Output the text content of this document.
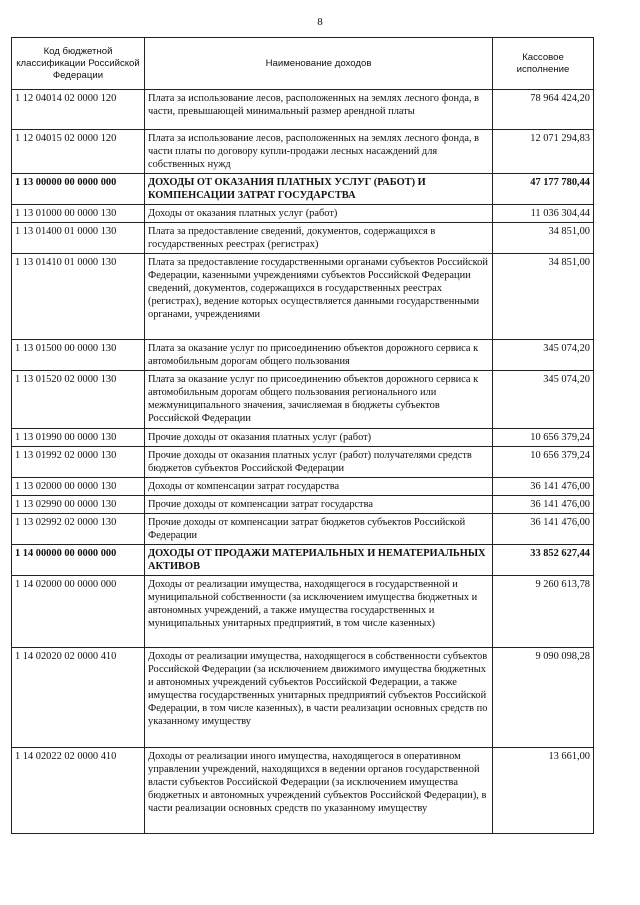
8
Код бюджетной классификации Российской Федерации	Наименование доходов	Кассовое исполнение
1 12 04014 02 0000 120	Плата за использование лесов, расположенных на землях лесного фонда, в части, превышающей минимальный размер арендной платы	78 964 424,20
1 12 04015 02 0000 120	Плата за использование лесов, расположенных на землях лесного фонда, в части платы по договору купли-продажи лесных насаждений для собственных нужд	12 071 294,83
1 13 00000 00 0000 000	ДОХОДЫ ОТ ОКАЗАНИЯ ПЛАТНЫХ УСЛУГ (РАБОТ) И КОМПЕНСАЦИИ ЗАТРАТ ГОСУДАРСТВА	47 177 780,44
1 13 01000 00 0000 130	Доходы от оказания платных услуг (работ)	11 036 304,44
1 13 01400 01 0000 130	Плата за предоставление сведений, документов, содержащихся в государственных реестрах (регистрах)	34 851,00
1 13 01410 01 0000 130	Плата за предоставление государственными органами субъектов Российской Федерации, казенными учреждениями субъектов Российской Федерации сведений, документов, содержащихся в государственных реестрах (регистрах), ведение которых осуществляется данными государственными органами, учреждениями	34 851,00
1 13 01500 00 0000 130	Плата за оказание услуг по присоединению объектов дорожного сервиса к автомобильным дорогам общего пользования	345 074,20
1 13 01520 02 0000 130	Плата за оказание услуг по присоединению объектов дорожного сервиса к автомобильным дорогам общего пользования регионального или межмуниципального значения, зачисляемая в бюджеты субъектов Российской Федерации	345 074,20
1 13 01990 00 0000 130	Прочие доходы от оказания платных услуг (работ)	10 656 379,24
1 13 01992 02 0000 130	Прочие доходы от оказания платных услуг (работ) получателями средств бюджетов субъектов Российской Федерации	10 656 379,24
1 13 02000 00 0000 130	Доходы от компенсации затрат государства	36 141 476,00
1 13 02990 00 0000 130	Прочие доходы от компенсации затрат государства	36 141 476,00
1 13 02992 02 0000 130	Прочие доходы от компенсации затрат бюджетов субъектов Российской Федерации	36 141 476,00
1 14 00000 00 0000 000	ДОХОДЫ ОТ ПРОДАЖИ МАТЕРИАЛЬНЫХ И НЕМАТЕРИАЛЬНЫХ АКТИВОВ	33 852 627,44
1 14 02000 00 0000 000	Доходы от реализации имущества, находящегося в государственной и муниципальной собственности (за исключением имущества бюджетных и автономных учреждений, а также имущества государственных и муниципальных унитарных предприятий, в том числе казенных)	9 260 613,78
1 14 02020 02 0000 410	Доходы от реализации имущества, находящегося в собственности субъектов Российской Федерации (за исключением движимого имущества бюджетных и автономных учреждений субъектов Российской Федерации, а также имущества государственных унитарных предприятий субъектов Российской Федерации, в том числе казенных), в части реализации основных средств по указанному имуществу	9 090 098,28
1 14 02022 02 0000 410	Доходы от реализации иного имущества, находящегося в оперативном управлении учреждений, находящихся в ведении органов государственной власти субъектов Российской Федерации (за исключением имущества бюджетных и автономных учреждений субъектов Российской Федерации), в части реализации основных средств по указанному имуществу	13 661,00
